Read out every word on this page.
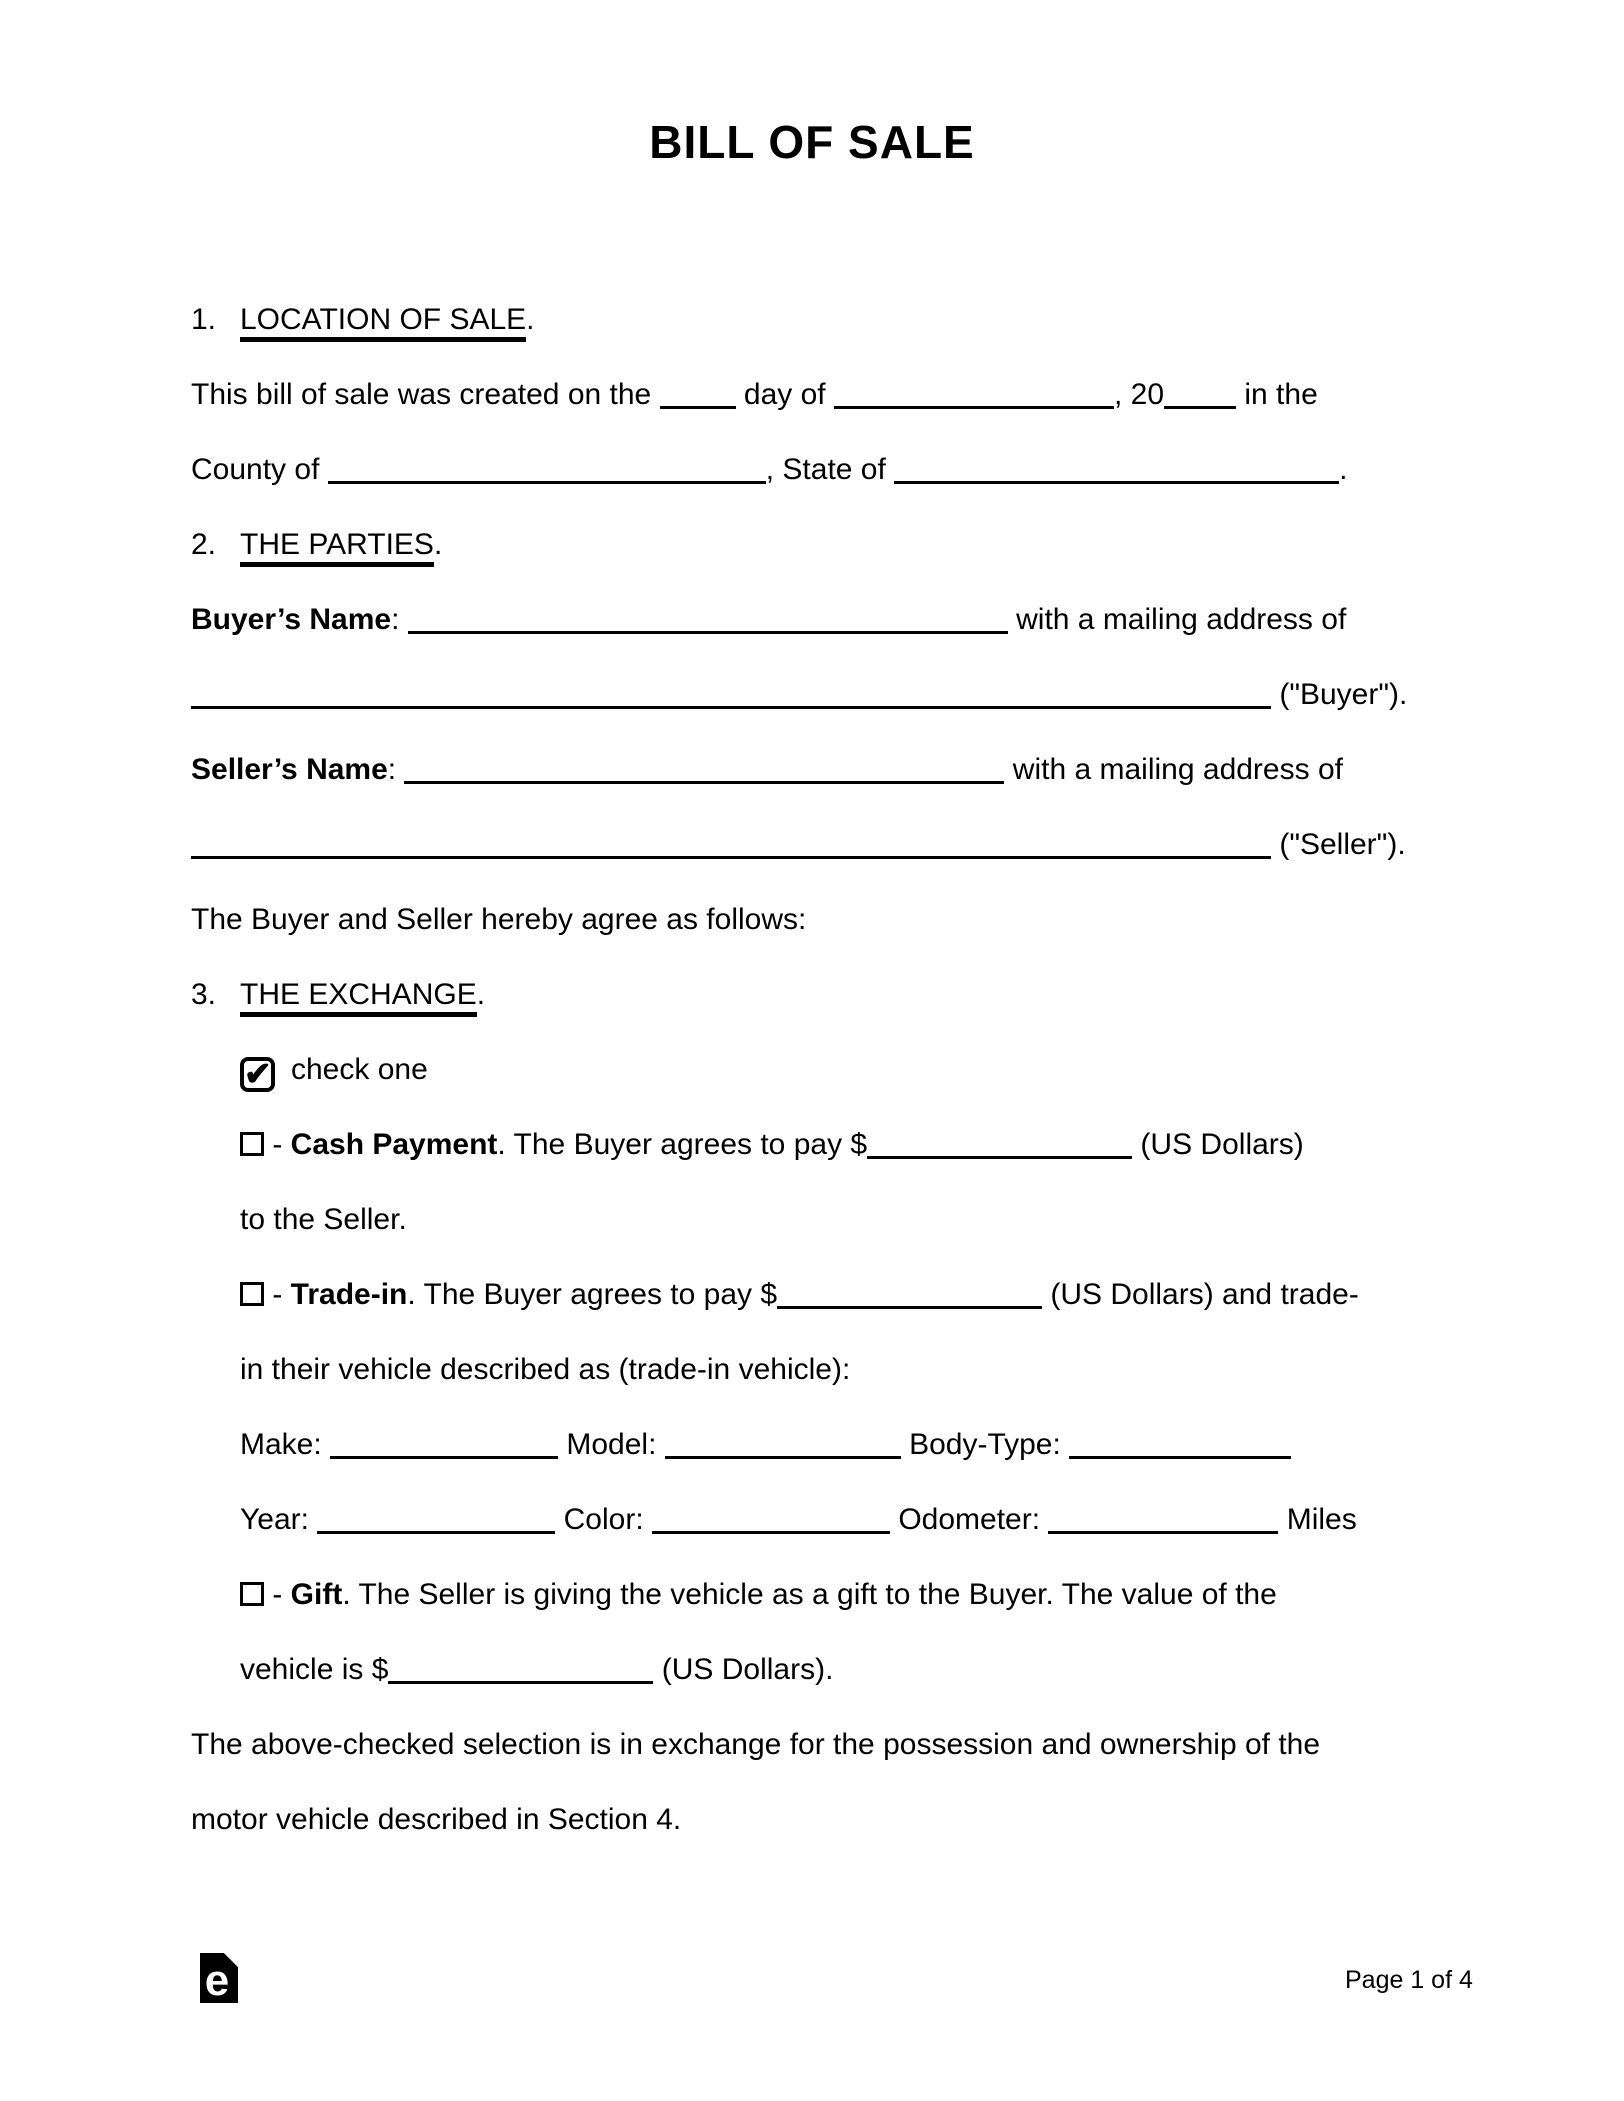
BILL OF SALE

1. LOCATION OF SALE.

This bill of sale was created on the	day of	, 20 in the

County of	, State of	.

2. THE PARTIES.

Buyer’s Name:	with a mailing address of

("Buyer").

Seller’s Name:	with a mailing address of

("Seller").

The Buyer and Seller hereby agree as follows:

3. THE EXCHANGE.

✔ check one

- Cash Payment. The Buyer agrees to pay $	(US Dollars)

to the Seller.

- Trade-in. The Buyer agrees to pay $	(US Dollars) and trade-

in their vehicle described as (trade-in vehicle):

Make:	Model:	Body-Type:

Year:	Color:	Odometer:	Miles

- Gift. The Seller is giving the vehicle as a gift to the Buyer. The value of the

vehicle is $	(US Dollars).

The above-checked selection is in exchange for the possession and ownership of the

motor vehicle described in Section 4.

e	Page 1 of 4
